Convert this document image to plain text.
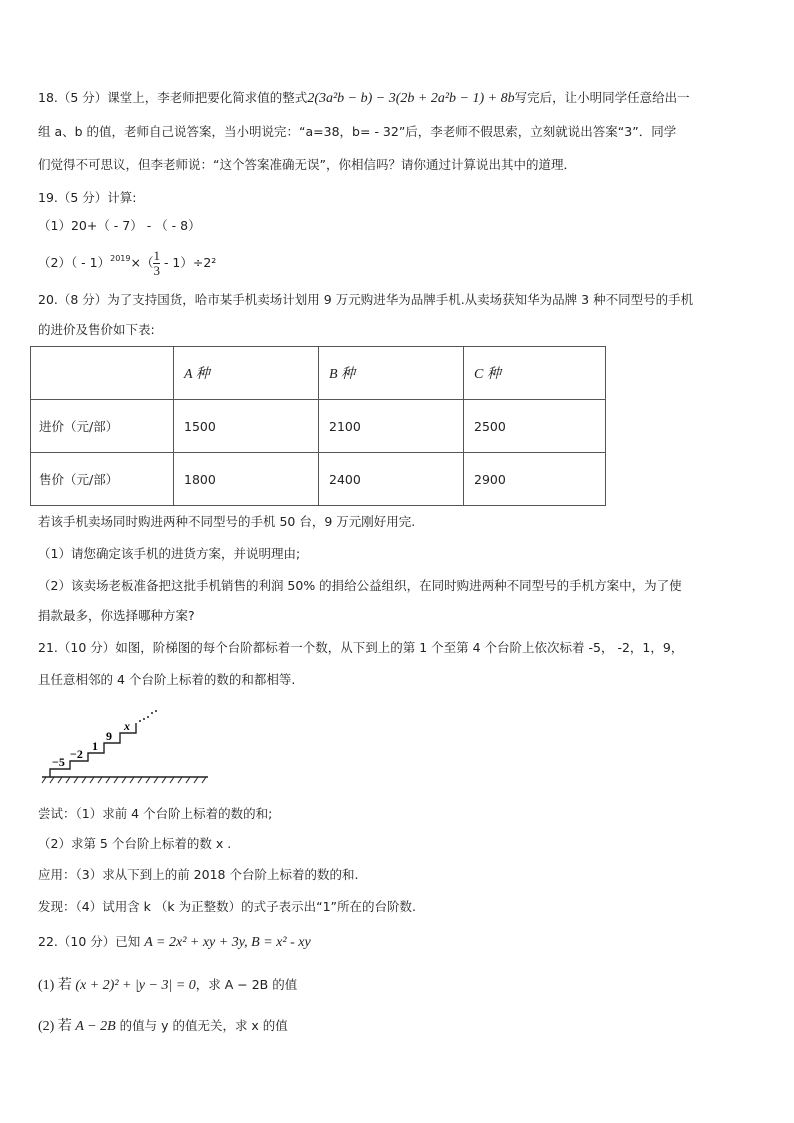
18.（5 分）课堂上，李老师把要化简求值的整式2(3a²b − b) − 3(2b + 2a²b − 1) + 8b写完后，让小明同学任意给出一
组 a、b 的值，老师自己说答案，当小明说完：“a=38，b= - 32”后，李老师不假思索，立刻就说出答案“3”．同学
们觉得不可思议，但李老师说：“这个答案准确无误”，你相信吗？请你通过计算说出其中的道理．
19.（5 分）计算:
（1）20+（ - 7） - （ - 8）
$(2)( - 1)^{2019}\times( \frac{1}{3} - 1)\div 2^2$
20.（8 分）为了支持国货，哈市某手机卖场计划用 9 万元购进华为品牌手机.从卖场获知华为品牌 3 种不同型号的手机
的进价及售价如下表:
	A 种	B 种	C 种
进价（元/部）	1500	2100	2500
售价（元/部）	1800	2400	2900
若该手机卖场同时购进两种不同型号的手机 50 台，9 万元刚好用完.
（1）请您确定该手机的进货方案，并说明理由;
（2）该卖场老板准备把这批手机销售的利润 50% 的捐给公益组织，在同时购进两种不同型号的手机方案中，为了使
捐款最多，你选择哪种方案?
21.（10 分）如图，阶梯图的每个台阶都标着一个数，从下到上的第 1 个至第 4 个台阶上依次标着 -5， -2，1，9，
且任意相邻的 4 个台阶上标着的数的和都相等.
−5
−2
1
9
x
尝试：（1）求前 4 个台阶上标着的数的和;
（2）求第 5 个台阶上标着的数 x .
应用：（3）求从下到上的前 2018 个台阶上标着的数的和.
发现：（4）试用含 k （k 为正整数）的式子表示出“1”所在的台阶数.
22.（10 分）已知 A = 2x² + xy + 3y, B = x² - xy
(1) 若 (x + 2)² + |y − 3| = 0，求 A − 2B 的值
(2) 若 A − 2B 的值与 y 的值无关，求 x 的值
